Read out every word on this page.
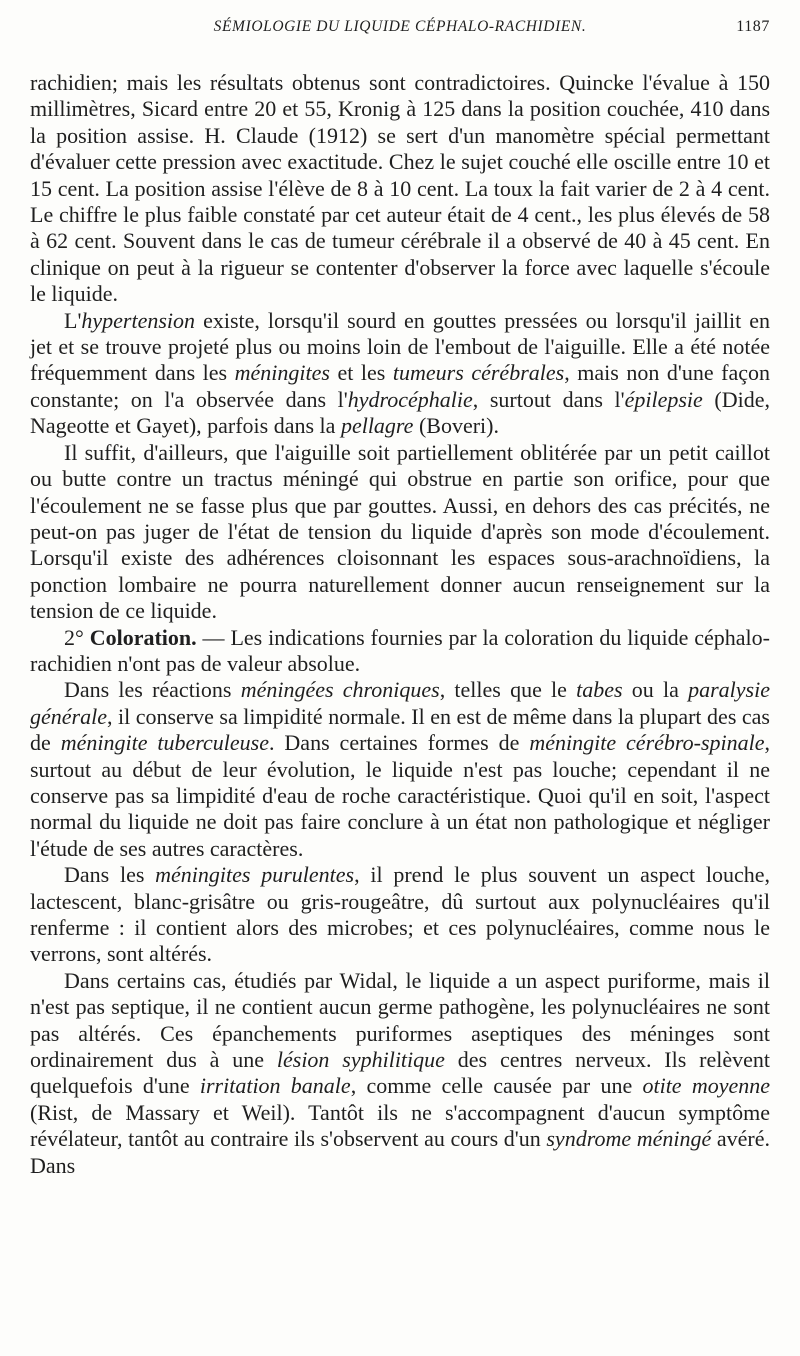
SÉMIOLOGIE DU LIQUIDE CÉPHALO-RACHIDIEN.	1187

rachidien; mais les résultats obtenus sont contradictoires. Quincke l'évalue à 150 millimètres, Sicard entre 20 et 55, Kronig à 125 dans la position couchée, 410 dans la position assise. H. Claude (1912) se sert d'un manomètre spécial permettant d'évaluer cette pression avec exactitude. Chez le sujet couché elle oscille entre 10 et 15 cent. La position assise l'élève de 8 à 10 cent. La toux la fait varier de 2 à 4 cent. Le chiffre le plus faible constaté par cet auteur était de 4 cent., les plus élevés de 58 à 62 cent. Souvent dans le cas de tumeur cérébrale il a observé de 40 à 45 cent. En clinique on peut à la rigueur se contenter d'observer la force avec laquelle s'écoule le liquide.

L'hypertension existe, lorsqu'il sourd en gouttes pressées ou lorsqu'il jaillit en jet et se trouve projeté plus ou moins loin de l'embout de l'aiguille. Elle a été notée fréquemment dans les méningites et les tumeurs cérébrales, mais non d'une façon constante; on l'a observée dans l'hydrocéphalie, surtout dans l'épilepsie (Dide, Nageotte et Gayet), parfois dans la pellagre (Boveri).

Il suffit, d'ailleurs, que l'aiguille soit partiellement oblitérée par un petit caillot ou butte contre un tractus méningé qui obstrue en partie son orifice, pour que l'écoulement ne se fasse plus que par gouttes. Aussi, en dehors des cas précités, ne peut-on pas juger de l'état de tension du liquide d'après son mode d'écoulement. Lorsqu'il existe des adhérences cloisonnant les espaces sous-arachnoïdiens, la ponction lombaire ne pourra naturellement donner aucun renseignement sur la tension de ce liquide.

2° Coloration. — Les indications fournies par la coloration du liquide céphalo-rachidien n'ont pas de valeur absolue.

Dans les réactions méningées chroniques, telles que le tabes ou la paralysie générale, il conserve sa limpidité normale. Il en est de même dans la plupart des cas de méningite tuberculeuse. Dans certaines formes de méningite cérébro-spinale, surtout au début de leur évolution, le liquide n'est pas louche; cependant il ne conserve pas sa limpidité d'eau de roche caractéristique. Quoi qu'il en soit, l'aspect normal du liquide ne doit pas faire conclure à un état non pathologique et négliger l'étude de ses autres caractères.

Dans les méningites purulentes, il prend le plus souvent un aspect louche, lactescent, blanc-grisâtre ou gris-rougeâtre, dû surtout aux polynucléaires qu'il renferme : il contient alors des microbes; et ces polynucléaires, comme nous le verrons, sont altérés.

Dans certains cas, étudiés par Widal, le liquide a un aspect puriforme, mais il n'est pas septique, il ne contient aucun germe pathogène, les polynucléaires ne sont pas altérés. Ces épanchements puriformes aseptiques des méninges sont ordinairement dus à une lésion syphilitique des centres nerveux. Ils relèvent quelquefois d'une irritation banale, comme celle causée par une otite moyenne (Rist, de Massary et Weil). Tantôt ils ne s'accompagnent d'aucun symptôme révélateur, tantôt au contraire ils s'observent au cours d'un syndrome méningé avéré. Dans
